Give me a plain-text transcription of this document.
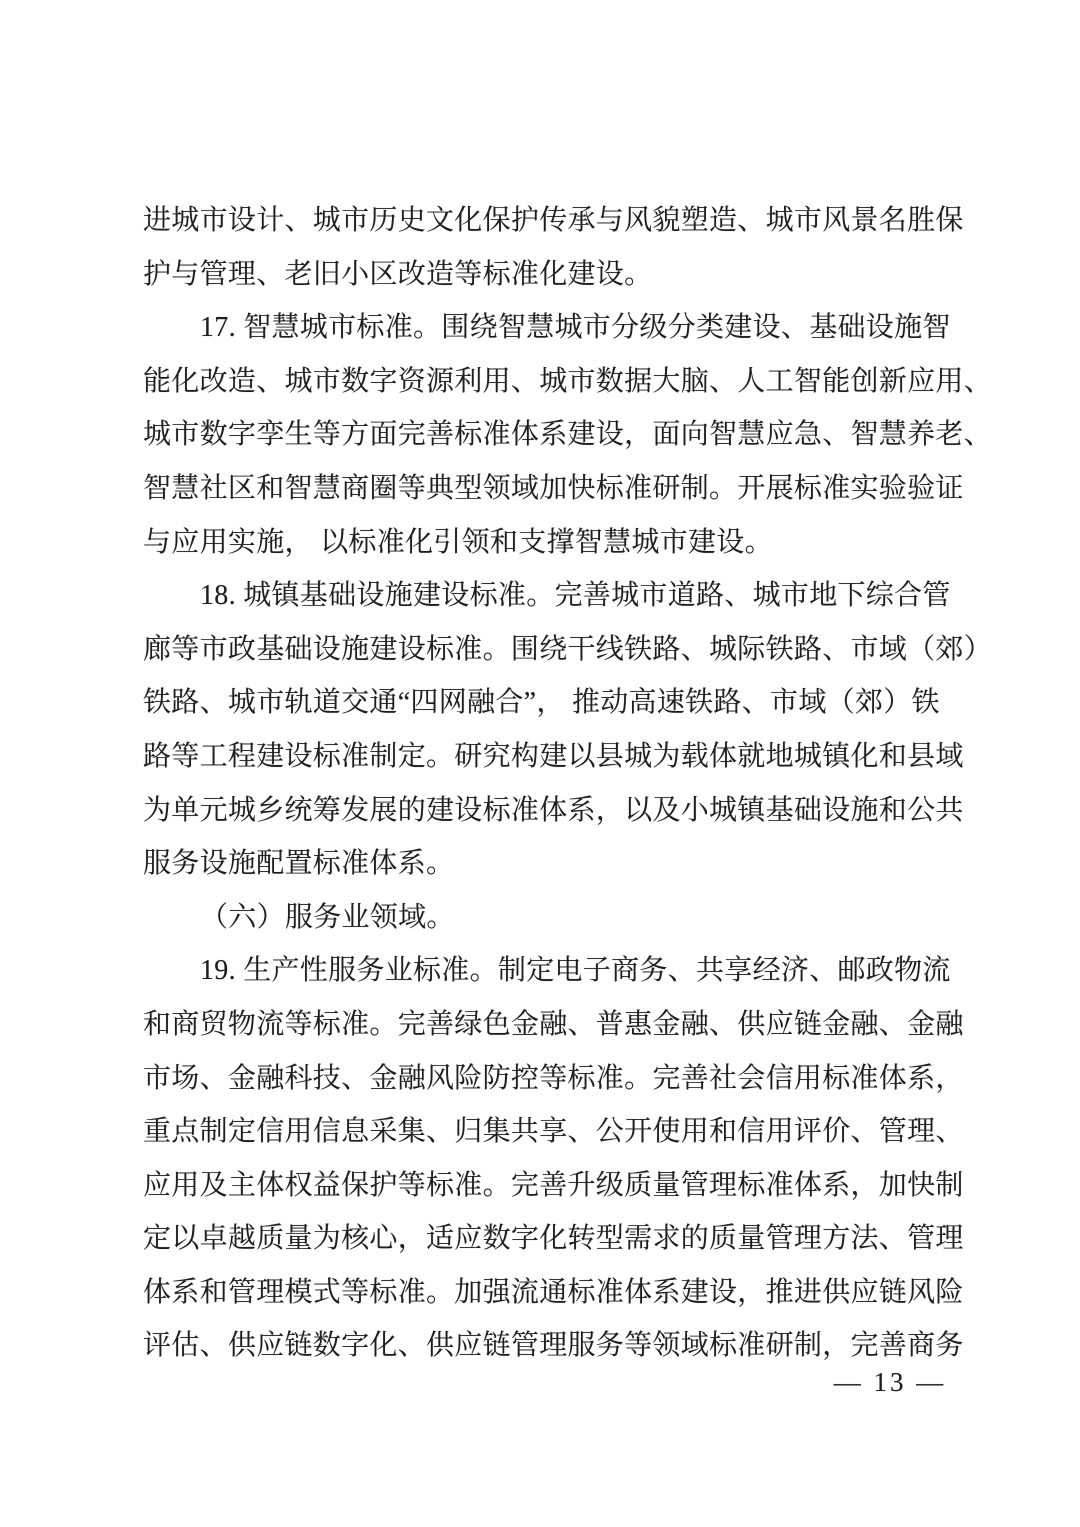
进城市设计、城市历史文化保护传承与风貌塑造、城市风景名胜保
护与管理、老旧小区改造等标准化建设。
17. 智慧城市标准。围绕智慧城市分级分类建设、基础设施智
能化改造、城市数字资源利用、城市数据大脑、人工智能创新应用、
城市数字孪生等方面完善标准体系建设，面向智慧应急、智慧养老、
智慧社区和智慧商圈等典型领域加快标准研制。开展标准实验验证
与应用实施， 以标准化引领和支撑智慧城市建设。
18. 城镇基础设施建设标准。完善城市道路、城市地下综合管
廊等市政基础设施建设标准。围绕干线铁路、城际铁路、市域（郊）
铁路、城市轨道交通“四网融合”， 推动高速铁路、市域（郊）铁
路等工程建设标准制定。研究构建以县城为载体就地城镇化和县域
为单元城乡统筹发展的建设标准体系，以及小城镇基础设施和公共
服务设施配置标准体系。
（六）服务业领域。
19. 生产性服务业标准。制定电子商务、共享经济、邮政物流
和商贸物流等标准。完善绿色金融、普惠金融、供应链金融、金融
市场、金融科技、金融风险防控等标准。完善社会信用标准体系，
重点制定信用信息采集、归集共享、公开使用和信用评价、管理、
应用及主体权益保护等标准。完善升级质量管理标准体系，加快制
定以卓越质量为核心，适应数字化转型需求的质量管理方法、管理
体系和管理模式等标准。加强流通标准体系建设，推进供应链风险
评估、供应链数字化、供应链管理服务等领域标准研制，完善商务
— 13 —
